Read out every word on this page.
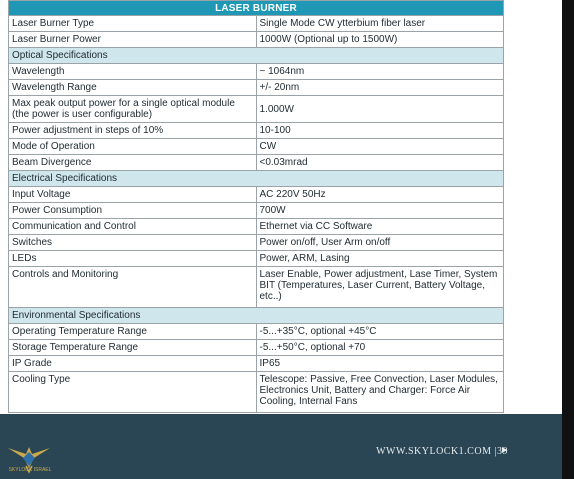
LASER BURNER	
Laser Burner Type	Single Mode CW ytterbium fiber laser
Laser Burner Power	1000W (Optional up to 1500W)
Optical Specifications	
Wavelength	~ 1064nm
Wavelength Range	+/- 20nm
Max peak output power for a single optical module (the power is user configurable)	1.000W
Power adjustment in steps of 10%	10-100
Mode of Operation	CW
Beam Divergence	<0.03mrad
Electrical Specifications	
Input Voltage	AC 220V 50Hz
Power Consumption	700W
Communication and Control	Ethernet via CC Software
Switches	Power on/off, User Arm on/off
LEDs	Power, ARM, Lasing
Controls and Monitoring	Laser Enable, Power adjustment, Lase Timer, System BIT (Temperatures, Laser Current, Battery Voltage, etc..)
Environmental Specifications	
Operating Temperature Range	-5...+35°C, optional +45°C
Storage Temperature Range	-5...+50°C, optional +70
IP Grade	IP65
Cooling Type	Telescope: Passive, Free Convection, Laser Modules, Electronics Unit, Battery and Charger: Force Air Cooling, Internal Fans
SKYLOCK ISRAEL
WWW.SKYLOCK1.COM |39
